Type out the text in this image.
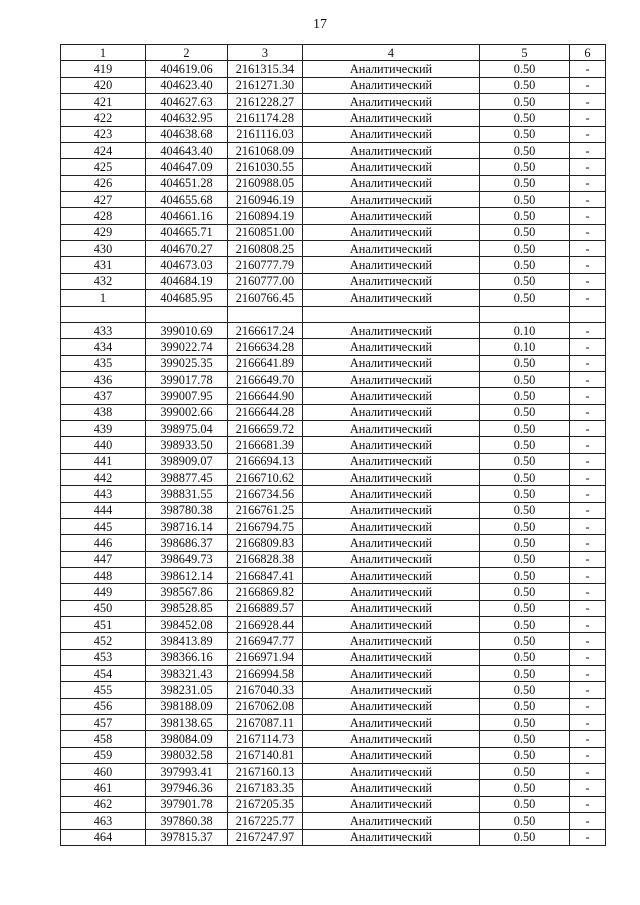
17
1	2	3	4	5	6
419	404619.06	2161315.34	Аналитический	0.50	-
420	404623.40	2161271.30	Аналитический	0.50	-
421	404627.63	2161228.27	Аналитический	0.50	-
422	404632.95	2161174.28	Аналитический	0.50	-
423	404638.68	2161116.03	Аналитический	0.50	-
424	404643.40	2161068.09	Аналитический	0.50	-
425	404647.09	2161030.55	Аналитический	0.50	-
426	404651.28	2160988.05	Аналитический	0.50	-
427	404655.68	2160946.19	Аналитический	0.50	-
428	404661.16	2160894.19	Аналитический	0.50	-
429	404665.71	2160851.00	Аналитический	0.50	-
430	404670.27	2160808.25	Аналитический	0.50	-
431	404673.03	2160777.79	Аналитический	0.50	-
432	404684.19	2160777.00	Аналитический	0.50	-
1	404685.95	2160766.45	Аналитический	0.50	-

433	399010.69	2166617.24	Аналитический	0.10	-
434	399022.74	2166634.28	Аналитический	0.10	-
435	399025.35	2166641.89	Аналитический	0.50	-
436	399017.78	2166649.70	Аналитический	0.50	-
437	399007.95	2166644.90	Аналитический	0.50	-
438	399002.66	2166644.28	Аналитический	0.50	-
439	398975.04	2166659.72	Аналитический	0.50	-
440	398933.50	2166681.39	Аналитический	0.50	-
441	398909.07	2166694.13	Аналитический	0.50	-
442	398877.45	2166710.62	Аналитический	0.50	-
443	398831.55	2166734.56	Аналитический	0.50	-
444	398780.38	2166761.25	Аналитический	0.50	-
445	398716.14	2166794.75	Аналитический	0.50	-
446	398686.37	2166809.83	Аналитический	0.50	-
447	398649.73	2166828.38	Аналитический	0.50	-
448	398612.14	2166847.41	Аналитический	0.50	-
449	398567.86	2166869.82	Аналитический	0.50	-
450	398528.85	2166889.57	Аналитический	0.50	-
451	398452.08	2166928.44	Аналитический	0.50	-
452	398413.89	2166947.77	Аналитический	0.50	-
453	398366.16	2166971.94	Аналитический	0.50	-
454	398321.43	2166994.58	Аналитический	0.50	-
455	398231.05	2167040.33	Аналитический	0.50	-
456	398188.09	2167062.08	Аналитический	0.50	-
457	398138.65	2167087.11	Аналитический	0.50	-
458	398084.09	2167114.73	Аналитический	0.50	-
459	398032.58	2167140.81	Аналитический	0.50	-
460	397993.41	2167160.13	Аналитический	0.50	-
461	397946.36	2167183.35	Аналитический	0.50	-
462	397901.78	2167205.35	Аналитический	0.50	-
463	397860.38	2167225.77	Аналитический	0.50	-
464	397815.37	2167247.97	Аналитический	0.50	-
